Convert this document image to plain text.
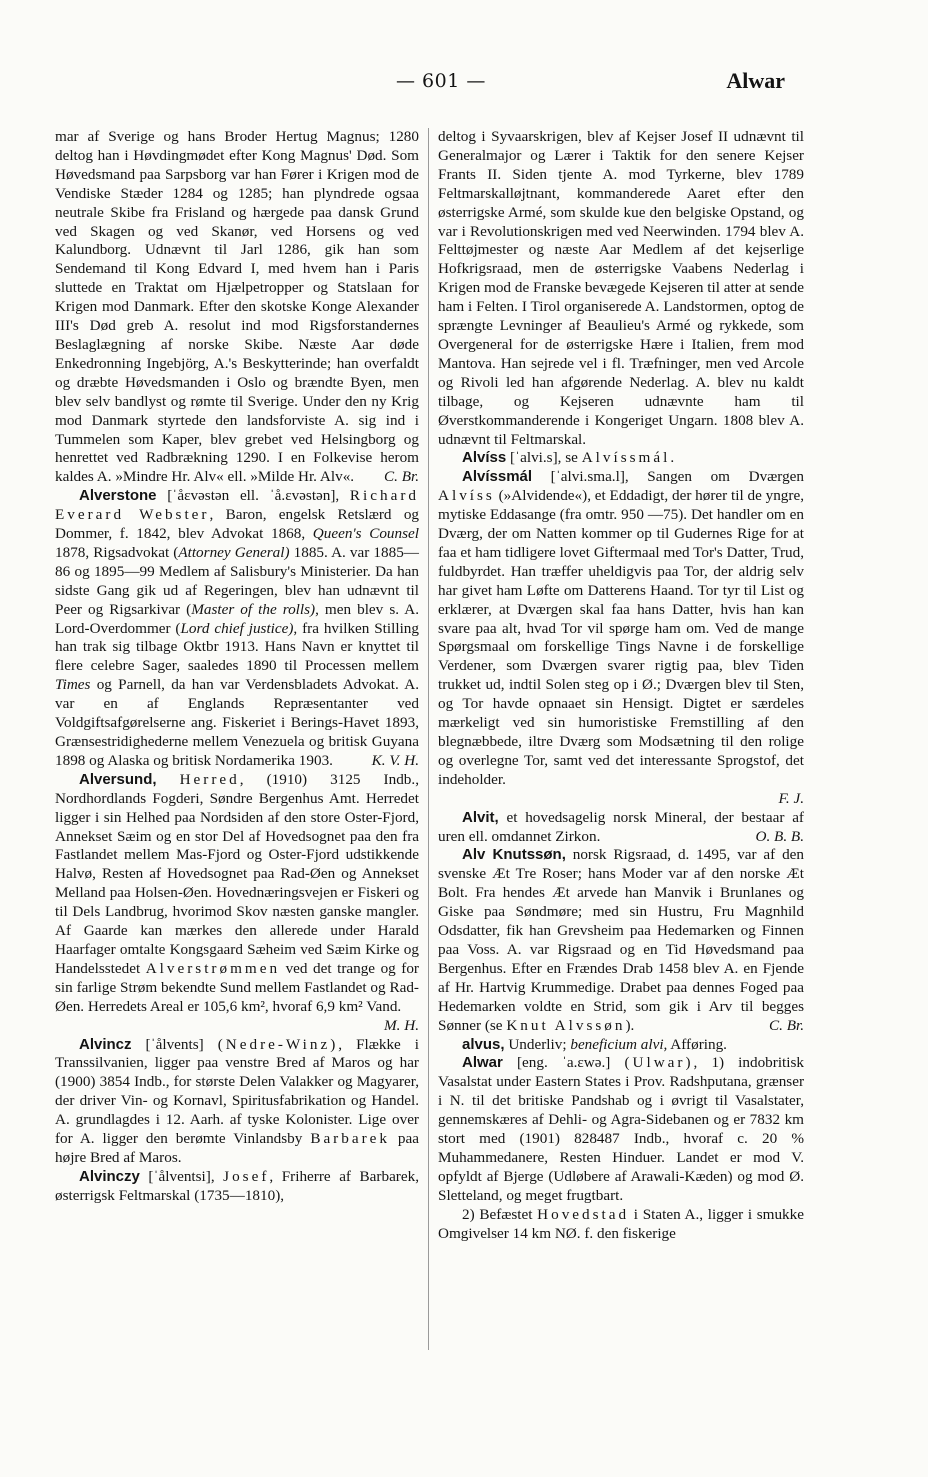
— 601 —	Alwar

mar af Sverige og hans Broder Hertug Magnus; 1280 deltog han i Høvdingmødet efter Kong Magnus' Død. Som Høvedsmand paa Sarpsborg var han Fører i Krigen mod de Vendiske Stæder 1284 og 1285; han plyndrede ogsaa neutrale Skibe fra Frisland og hærgede paa dansk Grund ved Skagen og ved Skanør, ved Horsens og ved Kalundborg. Udnævnt til Jarl 1286, gik han som Sendemand til Kong Edvard I, med hvem han i Paris sluttede en Traktat om Hjælpetropper og Statslaan for Krigen mod Danmark. Efter den skotske Konge Alexander III's Død greb A. resolut ind mod Rigsforstandernes Beslaglægning af norske Skibe. Næste Aar døde Enkedronning Ingebjörg, A.'s Beskytterinde; han overfaldt og dræbte Høvedsmanden i Oslo og brændte Byen, men blev selv bandlyst og rømte til Sverige. Under den ny Krig mod Danmark styrtede den landsforviste A. sig ind i Tummelen som Kaper, blev grebet ved Helsingborg og henrettet ved Radbrækning 1290. I en Folkevise herom kaldes A. »Mindre Hr. Alv« ell. »Milde Hr. Alv«.	C. Br.

Alverstone [ˈåɛvəstən ell. ˈå.ɛvəstən], Richard Everard Webster, Baron, engelsk Retslærd og Dommer, f. 1842, blev Advokat 1868, Queen's Counsel 1878, Rigsadvokat (Attorney General) 1885. A. var 1885—86 og 1895—99 Medlem af Salisbury's Ministerier. Da han sidste Gang gik ud af Regeringen, blev han udnævnt til Peer og Rigsarkivar (Master of the rolls), men blev s. A. Lord-Overdommer (Lord chief justice), fra hvilken Stilling han trak sig tilbage Oktbr 1913. Hans Navn er knyttet til flere celebre Sager, saaledes 1890 til Processen mellem Times og Parnell, da han var Verdensbladets Advokat. A. var en af Englands Repræsentanter ved Voldgiftsafgørelserne ang. Fiskeriet i Berings-Havet 1893, Grænsestridighederne mellem Venezuela og britisk Guyana 1898 og Alaska og britisk Nordamerika 1903.	K. V. H.

Alversund, Herred, (1910) 3125 Indb., Nordhordlands Fogderi, Søndre Bergenhus Amt. Herredet ligger i sin Helhed paa Nordsiden af den store Oster-Fjord, Annekset Sæim og en stor Del af Hovedsognet paa den fra Fastlandet mellem Mas-Fjord og Oster-Fjord udstikkende Halvø, Resten af Hovedsognet paa Rad-Øen og Annekset Melland paa Holsen-Øen. Hovednæringsvejen er Fiskeri og til Dels Landbrug, hvorimod Skov næsten ganske mangler. Af Gaarde kan mærkes den allerede under Harald Haarfager omtalte Kongsgaard Sæheim ved Sæim Kirke og Handelsstedet Alverstrømmen ved det trange og for sin farlige Strøm bekendte Sund mellem Fastlandet og Rad-Øen. Herredets Areal er 105,6 km², hvoraf 6,9 km² Vand.
M. H.

Alvincz [ˈålvents] (Nedre-Winz), Flække i Transsilvanien, ligger paa venstre Bred af Maros og har (1900) 3854 Indb., for største Delen Valakker og Magyarer, der driver Vin- og Kornavl, Spiritusfabrikation og Handel. A. grundlagdes i 12. Aarh. af tyske Kolonister. Lige over for A. ligger den berømte Vinlandsby Barbarek paa højre Bred af Maros.

Alvinczy [ˈålventsi], Josef, Friherre af Barbarek, østerrigsk Feltmarskal (1735—1810),

deltog i Syvaarskrigen, blev af Kejser Josef II udnævnt til Generalmajor og Lærer i Taktik for den senere Kejser Frants II. Siden tjente A. mod Tyrkerne, blev 1789 Feltmarskalløjtnant, kommanderede Aaret efter den østerrigske Armé, som skulde kue den belgiske Opstand, og var i Revolutionskrigen med ved Neerwinden. 1794 blev A. Felttøjmester og næste Aar Medlem af det kejserlige Hofkrigsraad, men de østerrigske Vaabens Nederlag i Krigen mod de Franske bevægede Kejseren til atter at sende ham i Felten. I Tirol organiserede A. Landstormen, optog de sprængte Levninger af Beaulieu's Armé og rykkede, som Overgeneral for de østerrigske Hære i Italien, frem mod Mantova. Han sejrede vel i fl. Træfninger, men ved Arcole og Rivoli led han afgørende Nederlag. A. blev nu kaldt tilbage, og Kejseren udnævnte ham til Øverstkommanderende i Kongeriget Ungarn. 1808 blev A. udnævnt til Feltmarskal.

Alvíss [ˈalvi.s], se Alvíssmál.

Alvíssmál [ˈalvi.sma.l], Sangen om Dværgen Alvíss (»Alvidende«), et Eddadigt, der hører til de yngre, mytiske Eddasange (fra omtr. 950 —75). Det handler om en Dværg, der om Natten kommer op til Gudernes Rige for at faa et ham tidligere lovet Giftermaal med Tor's Datter, Trud, fuldbyrdet. Han træffer uheldigvis paa Tor, der aldrig selv har givet ham Løfte om Datterens Haand. Tor tyr til List og erklærer, at Dværgen skal faa hans Datter, hvis han kan svare paa alt, hvad Tor vil spørge ham om. Ved de mange Spørgsmaal om forskellige Tings Navne i de forskellige Verdener, som Dværgen svarer rigtig paa, blev Tiden trukket ud, indtil Solen steg op i Ø.; Dværgen blev til Sten, og Tor havde opnaaet sin Hensigt. Digtet er særdeles mærkeligt ved sin humoristiske Fremstilling af den blegnæbbede, iltre Dværg som Modsætning til den rolige og overlegne Tor, samt ved det interessante Sprogstof, det indeholder.

F. J.

Alvit, et hovedsagelig norsk Mineral, der bestaar af uren ell. omdannet Zirkon.	O. B. B.

Alv Knutssøn, norsk Rigsraad, d. 1495, var af den svenske Æt Tre Roser; hans Moder var af den norske Æt Bolt. Fra hendes Æt arvede han Manvik i Brunlanes og Giske paa Søndmøre; med sin Hustru, Fru Magnhild Odsdatter, fik han Grevsheim paa Hedemarken og Finnen paa Voss. A. var Rigsraad og en Tid Høvedsmand paa Bergenhus. Efter en Frændes Drab 1458 blev A. en Fjende af Hr. Hartvig Krummedige. Drabet paa dennes Foged paa Hedemarken voldte en Strid, som gik i Arv til begges Sønner (se Knut Alvssøn).	C. Br.

alvus, Underliv; beneficium alvi, Afføring.

Alwar [eng. ˈa.ɛwə.] (Ulwar), 1) indobritisk Vasalstat under Eastern States i Prov. Radshputana, grænser i N. til det britiske Pandshab og i øvrigt til Vasalstater, gennemskæres af Dehli- og Agra-Sidebanen og er 7832 km stort med (1901) 828487 Indb., hvoraf c. 20 % Muhammedanere, Resten Hinduer. Landet er mod V. opfyldt af Bjerge (Udløbere af Arawali-Kæden) og mod Ø. Sletteland, og meget frugtbart.

2) Befæstet Hovedstad i Staten A., ligger i smukke Omgivelser 14 km NØ. f. den fiskerige
